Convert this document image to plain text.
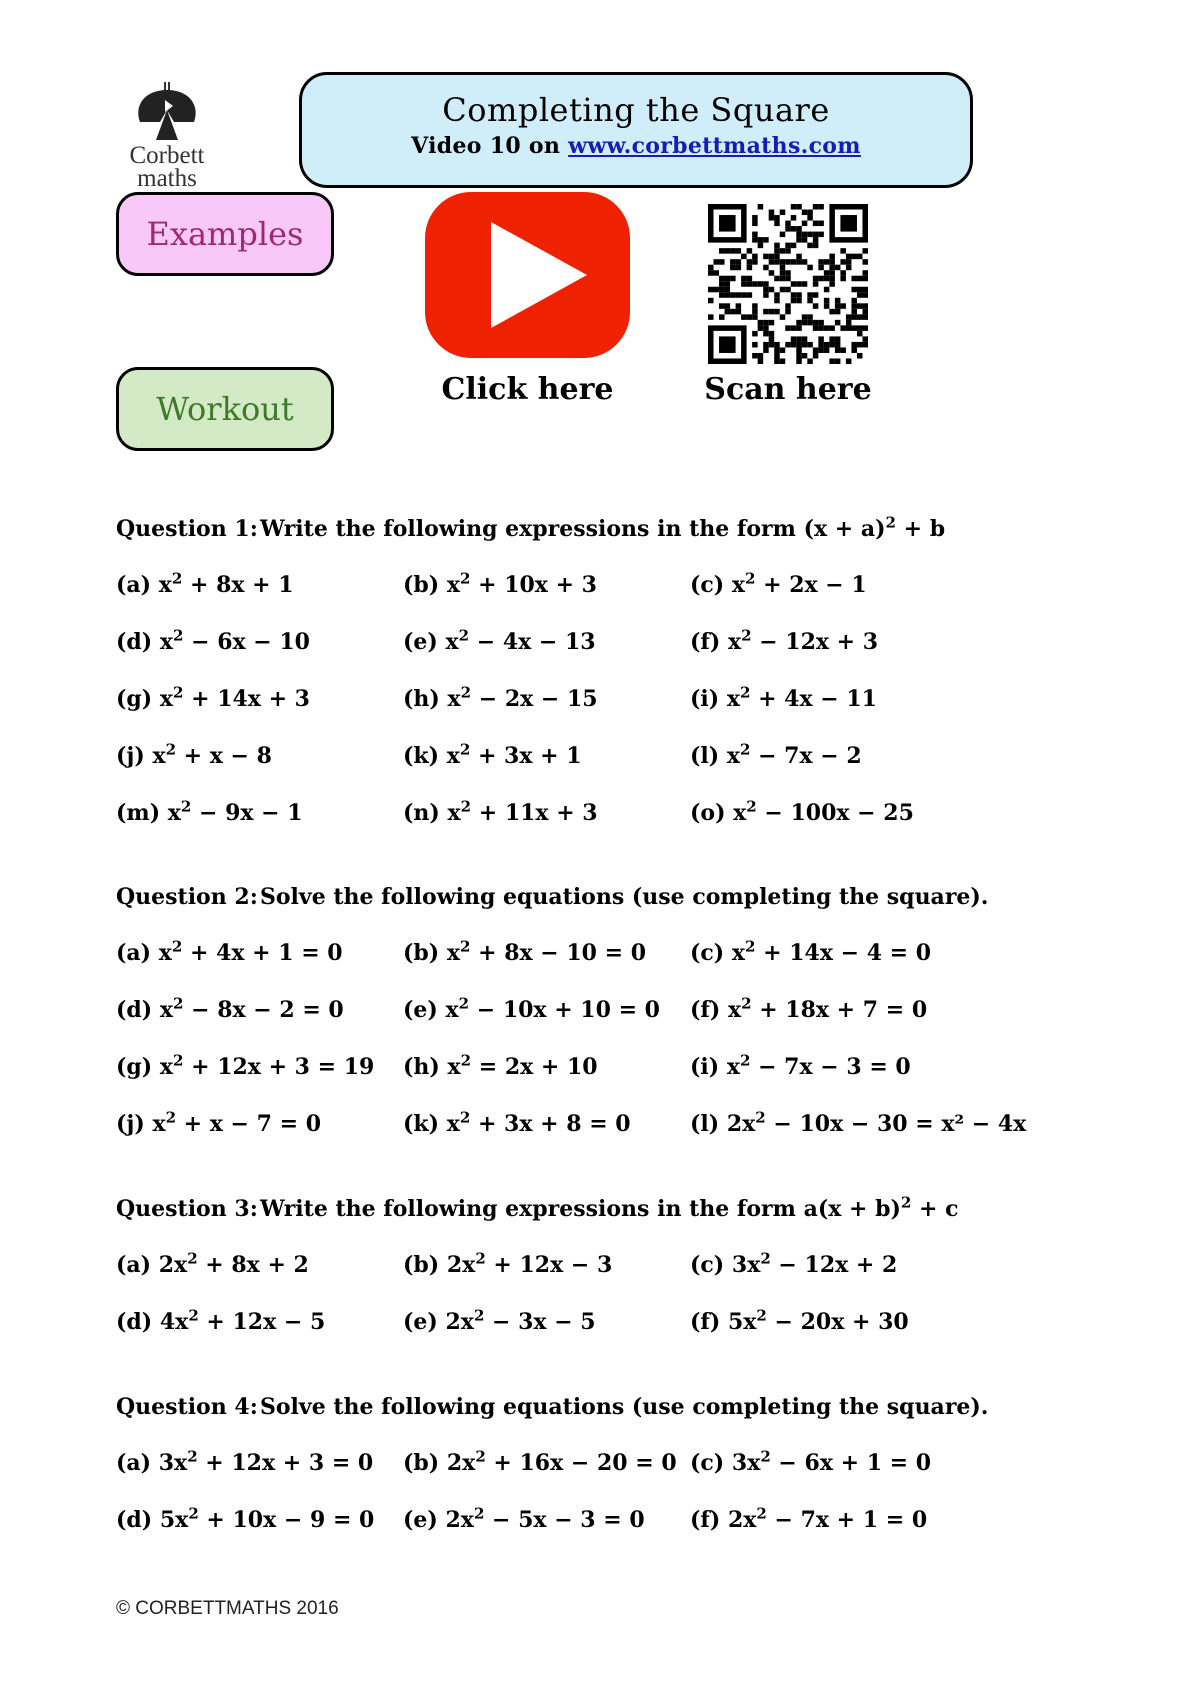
Corbett
maths
Completing the Square
Video 10 on www.corbettmaths.com
Examples
Workout
Click here	Scan here
Question 1:Write the following expressions in the form $(x + a)^2 + b$
(a) $x^2 + 8x + 1$	(b) $x^2 + 10x + 3$	(c) $x^2 + 2x - 1$
(d) $x^2 - 6x - 10$	(e) $x^2 - 4x - 13$	(f) $x^2 - 12x + 3$
(g) $x^2 + 14x + 3$	(h) $x^2 - 2x - 15$	(i) $x^2 + 4x - 11$
(j) $x^2 + x - 8$	(k) $x^2 + 3x + 1$	(l) $x^2 - 7x - 2$
(m) $x^2 - 9x - 1$	(n) $x^2 + 11x + 3$	(o) $x^2 - 100x - 25$
Question 2:Solve the following equations (use completing the square).
(a) $x^2 + 4x + 1 = 0$	(b) $x^2 + 8x - 10 = 0$ (c) $x^2 + 14x - 4 = 0$
(d) $x^2 - 8x - 2 = 0$	(e) $x^2 - 10x + 10 = 0$ (f) $x^2 + 18x + 7 = 0$
(g) $x^2 + 12x + 3 = 19$ (h) $x^2 = 2x + 10$	(i) $x^2 - 7x - 3 = 0$
(j) $x^2 + x - 7 = 0$	(k) $x^2 + 3x + 8 = 0$	(l) $2x^2 - 10x - 30 = x^2 - 4x$
Question 3:Write the following expressions in the form $a(x + b)^2 + c$
(a) $2x^2 + 8x + 2$	(b) $2x^2 + 12x - 3$	(c) $3x^2 - 12x + 2$
(d) $4x^2 + 12x - 5$	(e) $2x^2 - 3x - 5$	(f) $5x^2 - 20x + 30$
Question 4:Solve the following equations (use completing the square).
(a) $3x^2 + 12x + 3 = 0$ (b) $2x^2 + 16x - 20 = 0$ (c) $3x^2 - 6x + 1 = 0$
(d) $5x^2 + 10x - 9 = 0$ (e) $2x^2 - 5x - 3 = 0$ (f) $2x^2 - 7x + 1 = 0$
© CORBETTMATHS 2016
